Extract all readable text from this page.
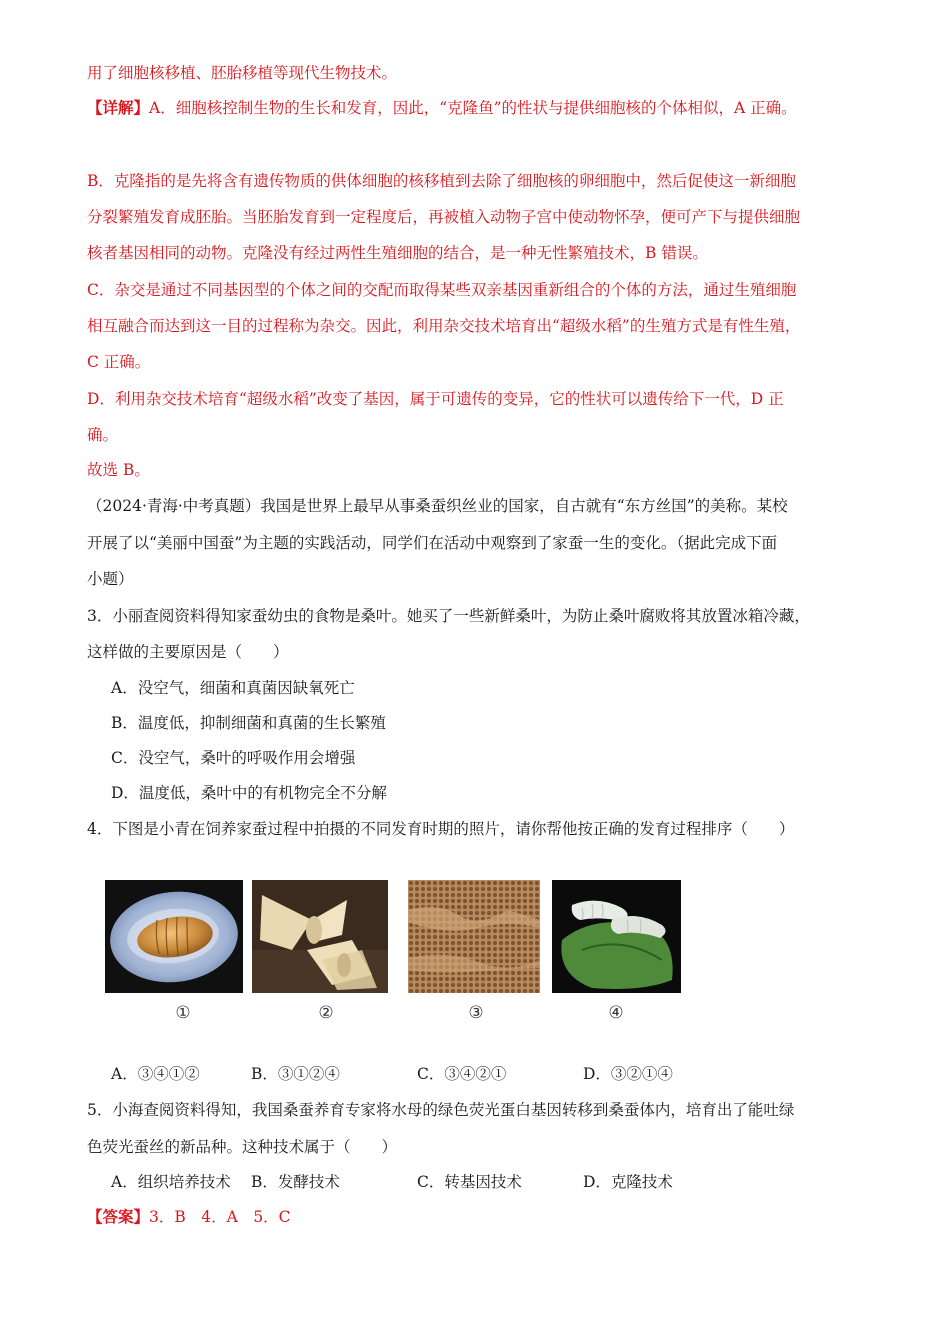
用了细胞核移植、胚胎移植等现代生物技术。
【详解】A．细胞核控制生物的生长和发育，因此，“克隆鱼”的性状与提供细胞核的个体相似，A 正确。
B．克隆指的是先将含有遗传物质的供体细胞的核移植到去除了细胞核的卵细胞中，然后促使这一新细胞
分裂繁殖发育成胚胎。当胚胎发育到一定程度后，再被植入动物子宫中使动物怀孕，便可产下与提供细胞
核者基因相同的动物。克隆没有经过两性生殖细胞的结合，是一种无性繁殖技术，B 错误。
C．杂交是通过不同基因型的个体之间的交配而取得某些双亲基因重新组合的个体的方法，通过生殖细胞
相互融合而达到这一目的过程称为杂交。因此，利用杂交技术培育出“超级水稻”的生殖方式是有性生殖，
C 正确。
D．利用杂交技术培育“超级水稻”改变了基因，属于可遗传的变异，它的性状可以遗传给下一代，D 正
确。
故选 B。
（2024·青海·中考真题）我国是世界上最早从事桑蚕织丝业的国家，自古就有“东方丝国”的美称。某校
开展了以“美丽中国蚕”为主题的实践活动，同学们在活动中观察到了家蚕一生的变化。（据此完成下面
小题）
3．小丽查阅资料得知家蚕幼虫的食物是桑叶。她买了一些新鲜桑叶，为防止桑叶腐败将其放置冰箱冷藏，
这样做的主要原因是（　　）
A．没空气，细菌和真菌因缺氧死亡
B．温度低，抑制细菌和真菌的生长繁殖
C．没空气，桑叶的呼吸作用会增强
D．温度低，桑叶中的有机物完全不分解
4．下图是小青在饲养家蚕过程中拍摄的不同发育时期的照片，请你帮他按正确的发育过程排序（　　）
①	②	③	④
A．③④①②	B．③①②④	C．③④②①	D．③②①④
5．小海查阅资料得知，我国桑蚕养育专家将水母的绿色荧光蛋白基因转移到桑蚕体内，培育出了能吐绿
色荧光蚕丝的新品种。这种技术属于（　　）
A．组织培养技术 B．发酵技术	C．转基因技术	D．克隆技术
【答案】3．B　4．A　5．C
